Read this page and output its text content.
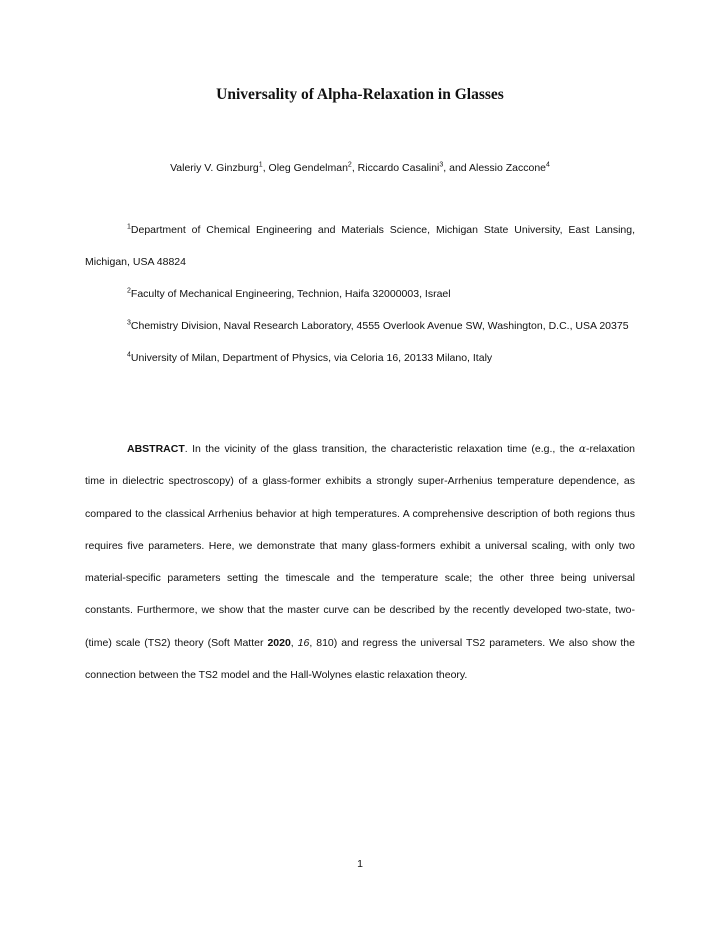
Universality of Alpha-Relaxation in Glasses
Valeriy V. Ginzburg$^1$, Oleg Gendelman$^2$, Riccardo Casalini$^3$, and Alessio Zaccone$^4$

$^1$Department of Chemical Engineering and Materials Science, Michigan State University, East Lansing, Michigan, USA 48824

$^2$Faculty of Mechanical Engineering, Technion, Haifa 32000003, Israel

$^3$Chemistry Division, Naval Research Laboratory, 4555 Overlook Avenue SW, Washington, D.C., USA 20375

$^4$University of Milan, Department of Physics, via Celoria 16, 20133 Milano, Italy

ABSTRACT. In the vicinity of the glass transition, the characteristic relaxation time (e.g., the α-relaxation time in dielectric spectroscopy) of a glass-former exhibits a strongly super-Arrhenius temperature dependence, as compared to the classical Arrhenius behavior at high temperatures. A comprehensive description of both regions thus requires five parameters. Here, we demonstrate that many glass-formers exhibit a universal scaling, with only two material-specific parameters setting the timescale and the temperature scale; the other three being universal constants. Furthermore, we show that the master curve can be described by the recently developed two-state, two-(time) scale (TS2) theory (Soft Matter 2020, 16, 810) and regress the universal TS2 parameters. We also show the connection between the TS2 model and the Hall-Wolynes elastic relaxation theory.

1
